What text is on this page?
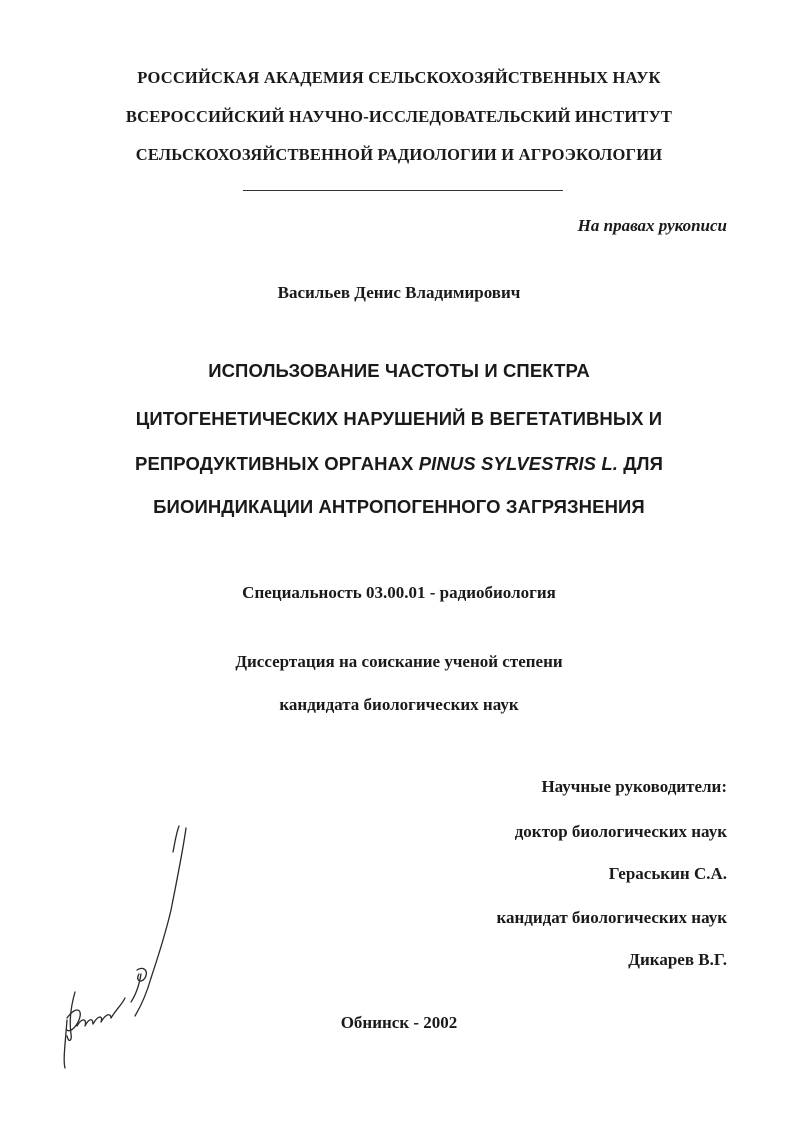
РОССИЙСКАЯ АКАДЕМИЯ СЕЛЬСКОХОЗЯЙСТВЕННЫХ НАУК
ВСЕРОССИЙСКИЙ НАУЧНО-ИССЛЕДОВАТЕЛЬСКИЙ ИНСТИТУТ
СЕЛЬСКОХОЗЯЙСТВЕННОЙ РАДИОЛОГИИ И АГРОЭКОЛОГИИ
На правах рукописи
Васильев Денис Владимирович
ИСПОЛЬЗОВАНИЕ ЧАСТОТЫ И СПЕКТРА
ЦИТОГЕНЕТИЧЕСКИХ НАРУШЕНИЙ В ВЕГЕТАТИВНЫХ И
РЕПРОДУКТИВНЫХ ОРГАНАХ PINUS SYLVESTRIS L. ДЛЯ
БИОИНДИКАЦИИ АНТРОПОГЕННОГО ЗАГРЯЗНЕНИЯ
Специальность 03.00.01 - радиобиология
Диссертация на соискание ученой степени
кандидата биологических наук
Научные руководители:
доктор биологических наук
Гераськин С.А.
кандидат биологических наук
Дикарев В.Г.
Обнинск - 2002
